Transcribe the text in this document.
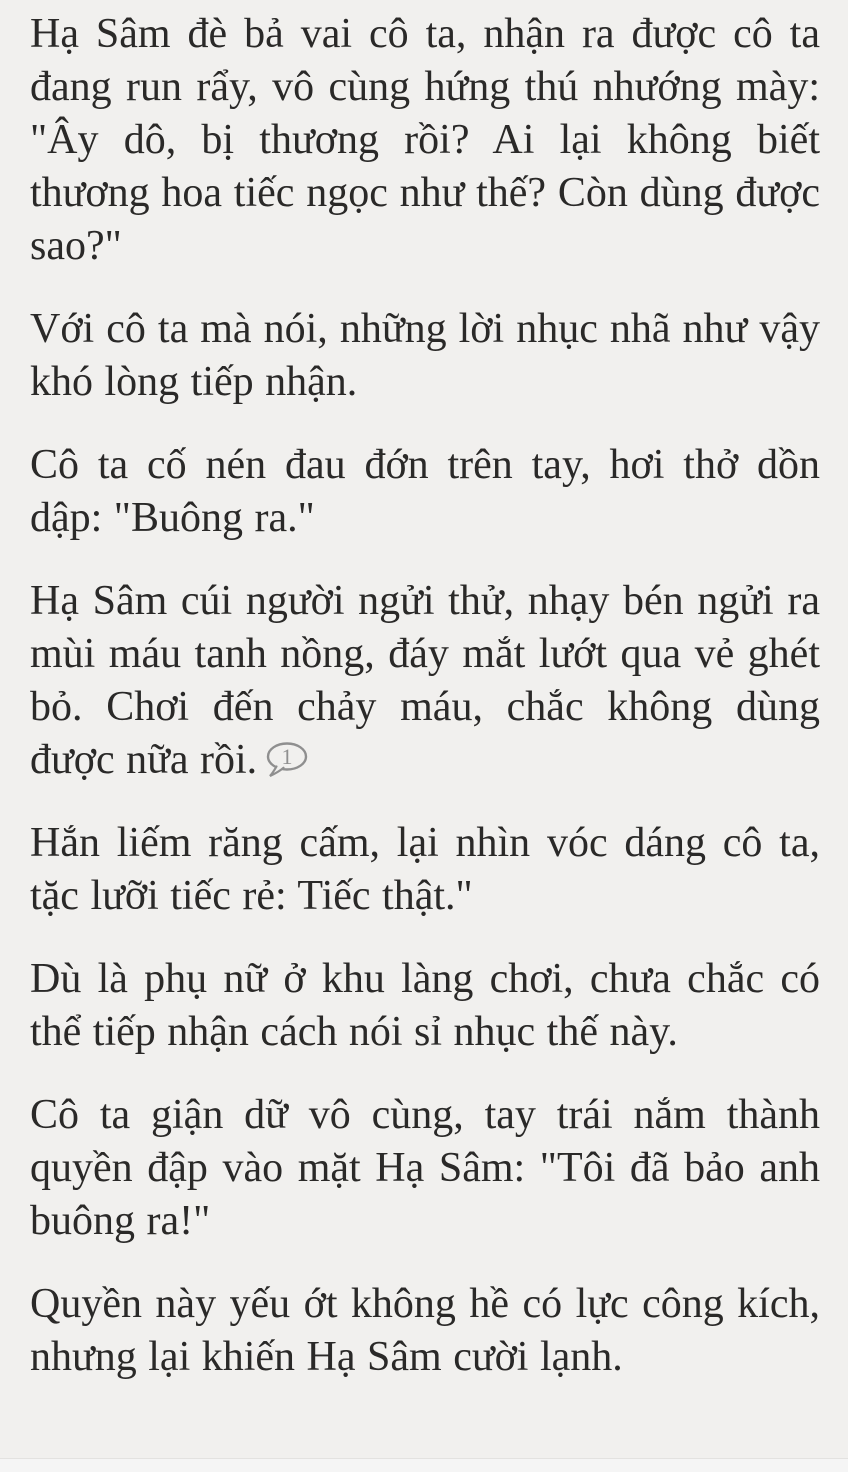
Hạ Sâm đè bả vai cô ta, nhận ra được cô ta đang run rẩy, vô cùng hứng thú nhướng mày: "Ây dô, bị thương rồi? Ai lại không biết thương hoa tiếc ngọc như thế? Còn dùng được sao?"

Với cô ta mà nói, những lời nhục nhã như vậy khó lòng tiếp nhận.

Cô ta cố nén đau đớn trên tay, hơi thở dồn dập: "Buông ra."

Hạ Sâm cúi người ngửi thử, nhạy bén ngửi ra mùi máu tanh nồng, đáy mắt lướt qua vẻ ghét bỏ. Chơi đến chảy máu, chắc không dùng được nữa rồi. 1

Hắn liếm răng cấm, lại nhìn vóc dáng cô ta, tặc lưỡi tiếc rẻ: Tiếc thật."

Dù là phụ nữ ở khu làng chơi, chưa chắc có thể tiếp nhận cách nói sỉ nhục thế này.

Cô ta giận dữ vô cùng, tay trái nắm thành quyền đập vào mặt Hạ Sâm: "Tôi đã bảo anh buông ra!"

Quyền này yếu ớt không hề có lực công kích, nhưng lại khiến Hạ Sâm cười lạnh.
